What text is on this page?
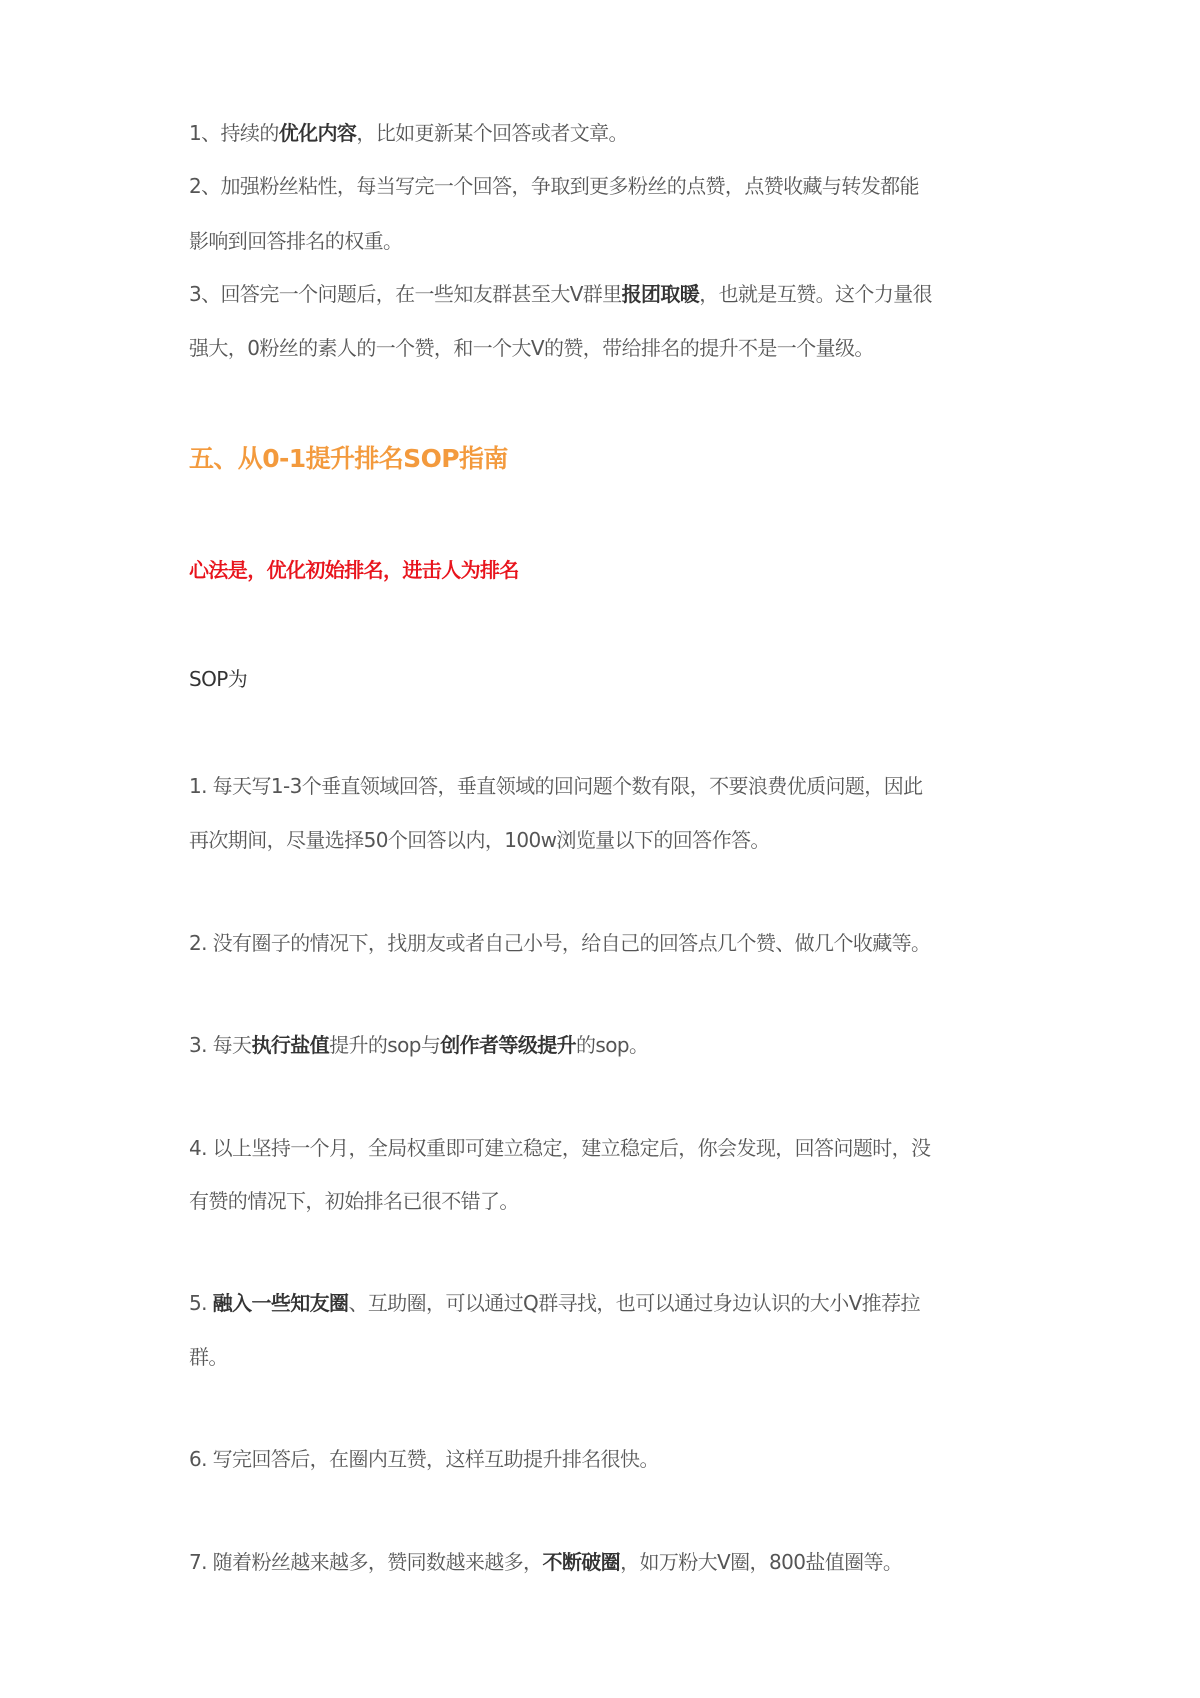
1、持续的优化内容，比如更新某个回答或者文章。
2、加强粉丝粘性，每当写完一个回答，争取到更多粉丝的点赞，点赞收藏与转发都能
影响到回答排名的权重。
3、回答完一个问题后，在一些知友群甚至大V群里报团取暖，也就是互赞。这个力量很
强大，0粉丝的素人的一个赞，和一个大V的赞，带给排名的提升不是一个量级。
五、从0-1提升排名SOP指南
心法是，优化初始排名，进击人为排名
SOP为
1. 每天写1-3个垂直领域回答，垂直领域的回问题个数有限，不要浪费优质问题，因此
再次期间，尽量选择50个回答以内，100w浏览量以下的回答作答。
2. 没有圈子的情况下，找朋友或者自己小号，给自己的回答点几个赞、做几个收藏等。
3. 每天执行盐值提升的sop与创作者等级提升的sop。
4. 以上坚持一个月，全局权重即可建立稳定，建立稳定后，你会发现，回答问题时，没
有赞的情况下，初始排名已很不错了。
5. 融入一些知友圈、互助圈，可以通过Q群寻找，也可以通过身边认识的大小V推荐拉
群。
6. 写完回答后，在圈内互赞，这样互助提升排名很快。
7. 随着粉丝越来越多，赞同数越来越多，不断破圈，如万粉大V圈，800盐值圈等。
